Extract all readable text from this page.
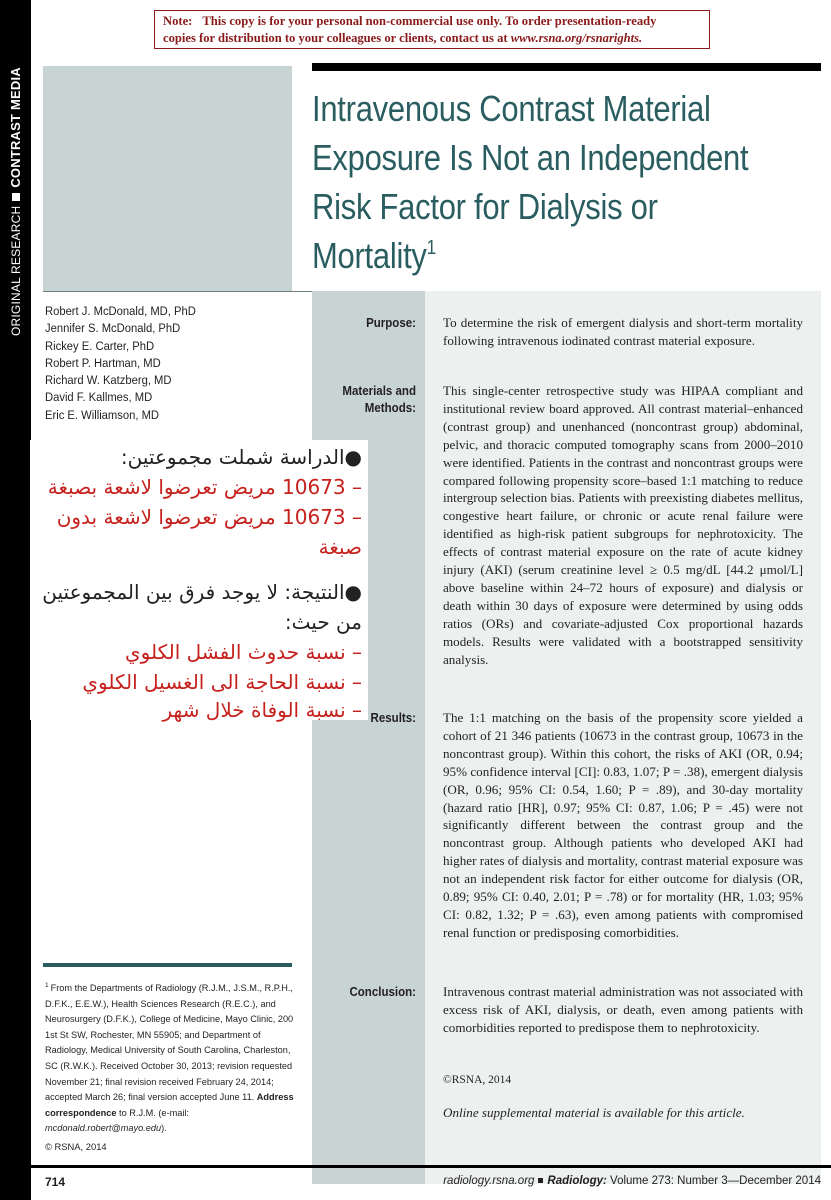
ORIGINAL RESEARCHCONTRAST MEDIA
Note: This copy is for your personal non-commercial use only. To order presentation-ready
copies for distribution to your colleagues or clients, contact us at www.rsna.org/rsnarights.
Intravenous Contrast Material
Exposure Is Not an Independent
Risk Factor for Dialysis or
Mortality$^1$
Robert J. McDonald, MD, PhD
Jennifer S. McDonald, PhD
Rickey E. Carter, PhD
Robert P. Hartman, MD
Richard W. Katzberg, MD
David F. Kallmes, MD
Eric E. Williamson, MD
●الدراسة شملت مجموعتين:
– 10673 مريض تعرضوا لاشعة بصبغة
– 10673 مريض تعرضوا لاشعة بدون
صبغة
●النتيجة: لا يوجد فرق بين المجموعتين
من حيث:
– نسبة حدوث الفشل الكلوي
– نسبة الحاجة الى الغسيل الكلوي
– نسبة الوفاة خلال شهر
Purpose:
Materials and
Methods:
Results:
Conclusion:
To determine the risk of emergent dialysis and short-term mortality following intravenous iodinated contrast material exposure.
This single-center retrospective study was HIPAA compliant and institutional review board approved. All contrast material–enhanced (contrast group) and unenhanced (noncontrast group) abdominal, pelvic, and thoracic computed tomography scans from 2000–2010 were identified. Patients in the contrast and noncontrast groups were compared following propensity score–based 1:1 matching to reduce intergroup selection bias. Patients with preexisting diabetes mellitus, congestive heart failure, or chronic or acute renal failure were identified as high-risk patient subgroups for nephrotoxicity. The effects of contrast material exposure on the rate of acute kidney injury (AKI) (serum creatinine level ≥ 0.5 mg/dL [44.2 μmol/L] above baseline within 24–72 hours of exposure) and dialysis or death within 30 days of exposure were determined by using odds ratios (ORs) and covariate-adjusted Cox proportional hazards models. Results were validated with a bootstrapped sensitivity analysis.
The 1:1 matching on the basis of the propensity score yielded a cohort of 21 346 patients (10673 in the contrast group, 10673 in the noncontrast group). Within this cohort, the risks of AKI (OR, 0.94; 95% confidence interval [CI]: 0.83, 1.07; P = .38), emergent dialysis (OR, 0.96; 95% CI: 0.54, 1.60; P = .89), and 30-day mortality (hazard ratio [HR], 0.97; 95% CI: 0.87, 1.06; P = .45) were not significantly different between the contrast group and the noncontrast group. Although patients who developed AKI had higher rates of dialysis and mortality, contrast material exposure was not an independent risk factor for either outcome for dialysis (OR, 0.89; 95% CI: 0.40, 2.01; P = .78) or for mortality (HR, 1.03; 95% CI: 0.82, 1.32; P = .63), even among patients with compromised renal function or predisposing comorbidities.
Intravenous contrast material administration was not associated with excess risk of AKI, dialysis, or death, even among patients with comorbidities reported to predispose them to nephrotoxicity.
©RSNA, 2014
Online supplemental material is available for this article.
$^1$ From the Departments of Radiology (R.J.M., J.S.M., R.P.H., D.F.K., E.E.W.), Health Sciences Research (R.E.C.), and Neurosurgery (D.F.K.), College of Medicine, Mayo Clinic, 200 1st St SW, Rochester, MN 55905; and Department of Radiology, Medical University of South Carolina, Charleston, SC (R.W.K.). Received October 30, 2013; revision requested November 21; final revision received February 24, 2014; accepted March 26; final version accepted June 11. Address correspondence to R.J.M. (e-mail: mcdonald.robert@mayo.edu).
© RSNA, 2014
714	radiology.rsna.org Radiology: Volume 273: Number 3—December 2014
